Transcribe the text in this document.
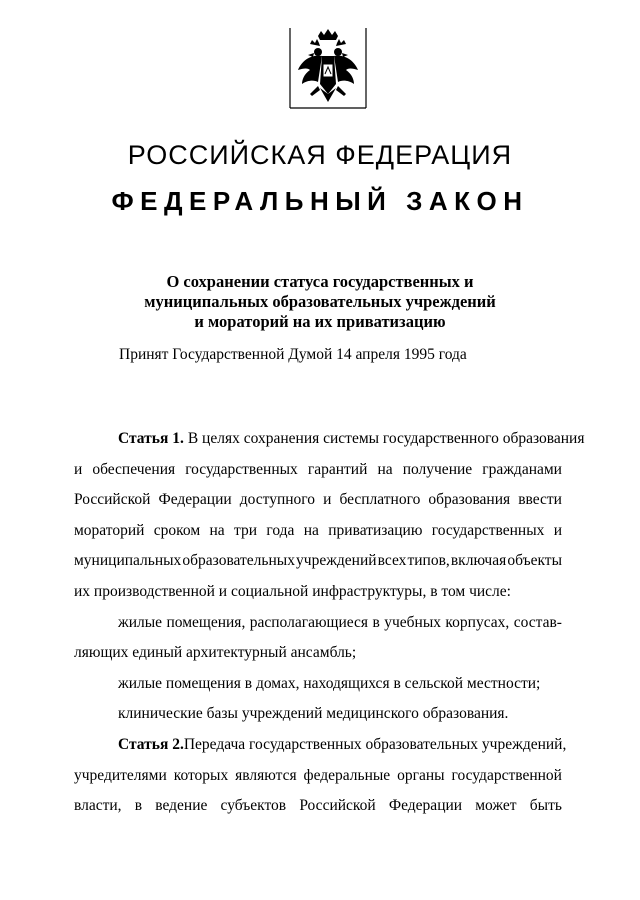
РОССИЙСКАЯ ФЕДЕРАЦИЯ
ФЕДЕРАЛЬНЫЙ ЗАКОН
О сохранении статуса государственных и
муниципальных образовательных учреждений
и мораторий на их приватизацию
Принят Государственной Думой 14 апреля 1995 года
Статья 1. В целях сохранения системы государственного образования
и обеспечения государственных гарантий на получение гражданами
Российской Федерации доступного и бесплатного образования ввести
мораторий сроком на три года на приватизацию государственных и
муниципальных образовательных учреждений всех типов, включая объекты
их производственной и социальной инфраструктуры, в том числе:
жилые помещения, располагающиеся в учебных корпусах, состав-
ляющих единый архитектурный ансамбль;
жилые помещения в домах, находящихся в сельской местности;
клинические базы учреждений медицинского образования.
Статья 2. Передача государственных образовательных учреждений,
учредителями которых являются федеральные органы государственной
власти, в ведение субъектов Российской Федерации может быть
